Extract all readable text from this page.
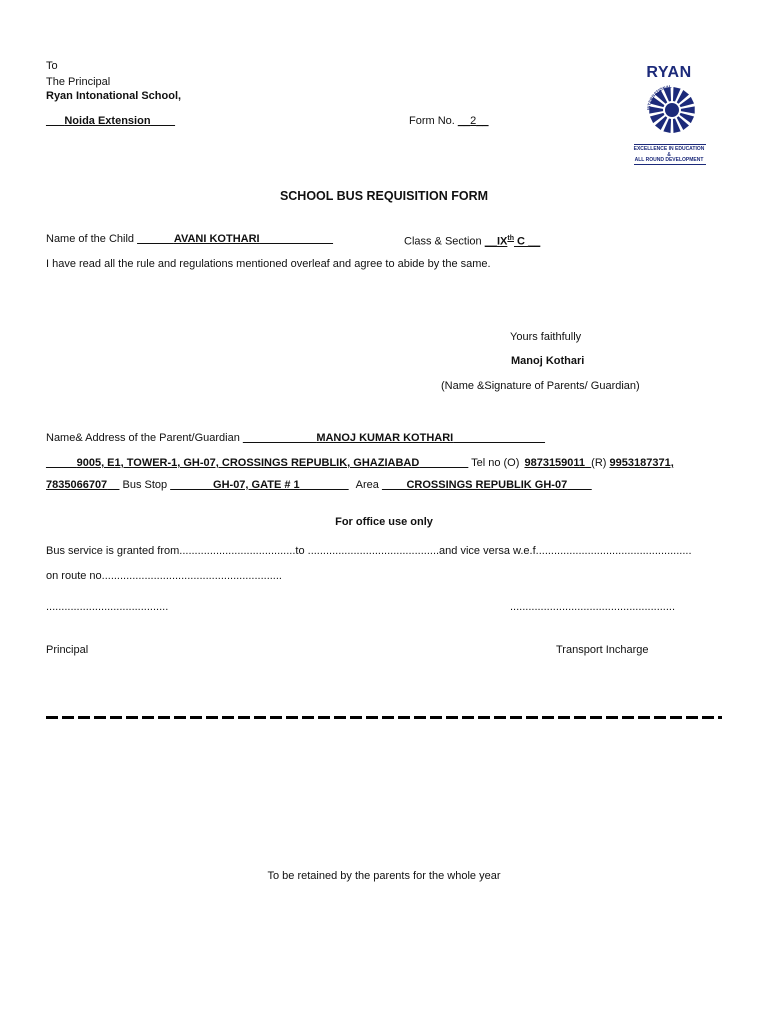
To
The Principal
Ryan Intonational School,
___Noida Extension____	Form No. __2__
RYAN
INTERNATIONAL
EXCELLENCE IN EDUCATION
&
ALL ROUND DEVELOPMENT
SCHOOL BUS REQUISITION FORM
Name of the Child ______AVANI KOTHARI____________	Class & Section __IXth C __
I have read all the rule and regulations mentioned overleaf and agree to abide by the same.
Yours faithfully
Manoj Kothari
(Name &Signature of Parents/ Guardian)
Name& Address of the Parent/Guardian ____________MANOJ KUMAR KOTHARI_______________
_____9005, E1, TOWER-1, GH-07, CROSSINGS REPUBLIK, GHAZIABAD________ Tel no (O) 9873159011_(R) 9953187371,
7835066707__ Bus Stop _______GH-07, GATE # 1________ Area ____CROSSINGS REPUBLIK GH-07____
For office use only
Bus service is granted from......................................to ...........................................and vice versa w.e.f...................................................
on route no...........................................................
........................................	......................................................
Principal	Transport Incharge
To be retained by the parents for the whole year
